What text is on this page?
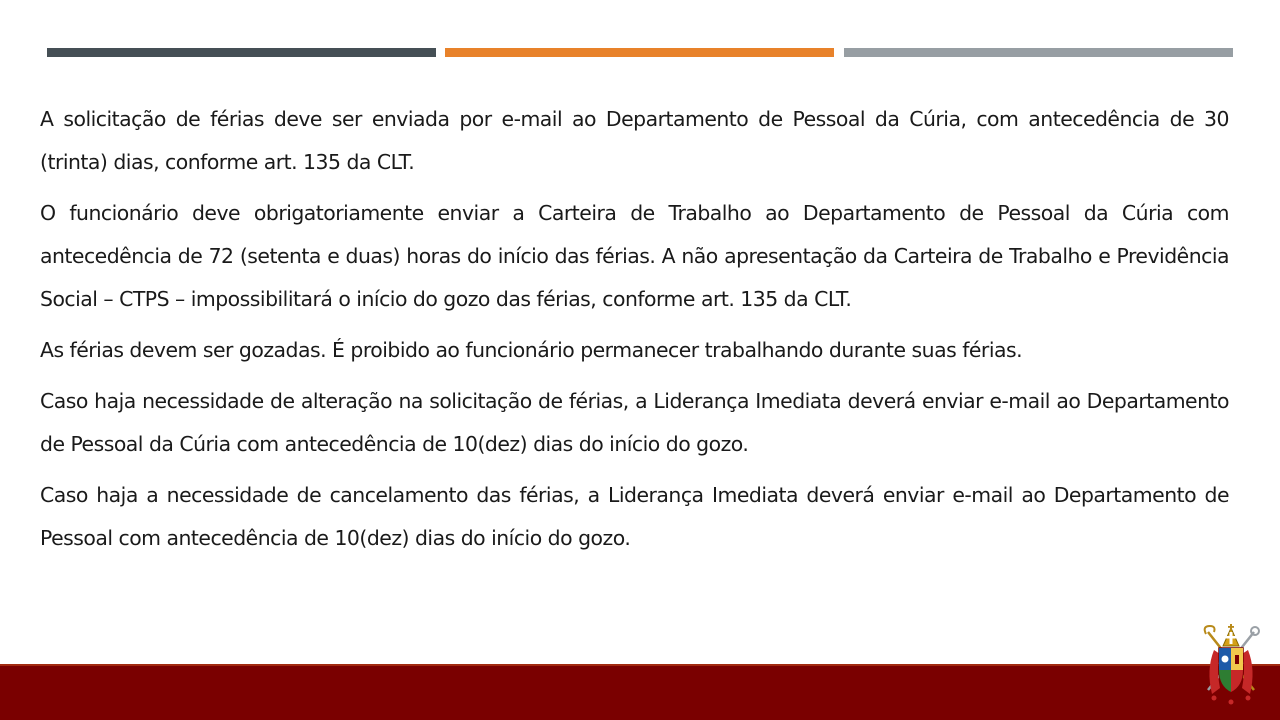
A solicitação de férias deve ser enviada por e-mail ao Departamento de Pessoal da Cúria, com antecedência de 30 (trinta) dias, conforme art. 135 da CLT.

O funcionário deve obrigatoriamente enviar a Carteira de Trabalho ao Departamento de Pessoal da Cúria com antecedência de 72 (setenta e duas) horas do início das férias. A não apresentação da Carteira de Trabalho e Previdência Social – CTPS – impossibilitará o início do gozo das férias, conforme art. 135 da CLT.

As férias devem ser gozadas. É proibido ao funcionário permanecer trabalhando durante suas férias.

Caso haja necessidade de alteração na solicitação de férias, a Liderança Imediata deverá enviar e-mail ao Departamento de Pessoal da Cúria com antecedência de 10(dez) dias do início do gozo.

Caso haja a necessidade de cancelamento das férias, a Liderança Imediata deverá enviar e-mail ao Departamento de Pessoal com antecedência de 10(dez) dias do início do gozo.
